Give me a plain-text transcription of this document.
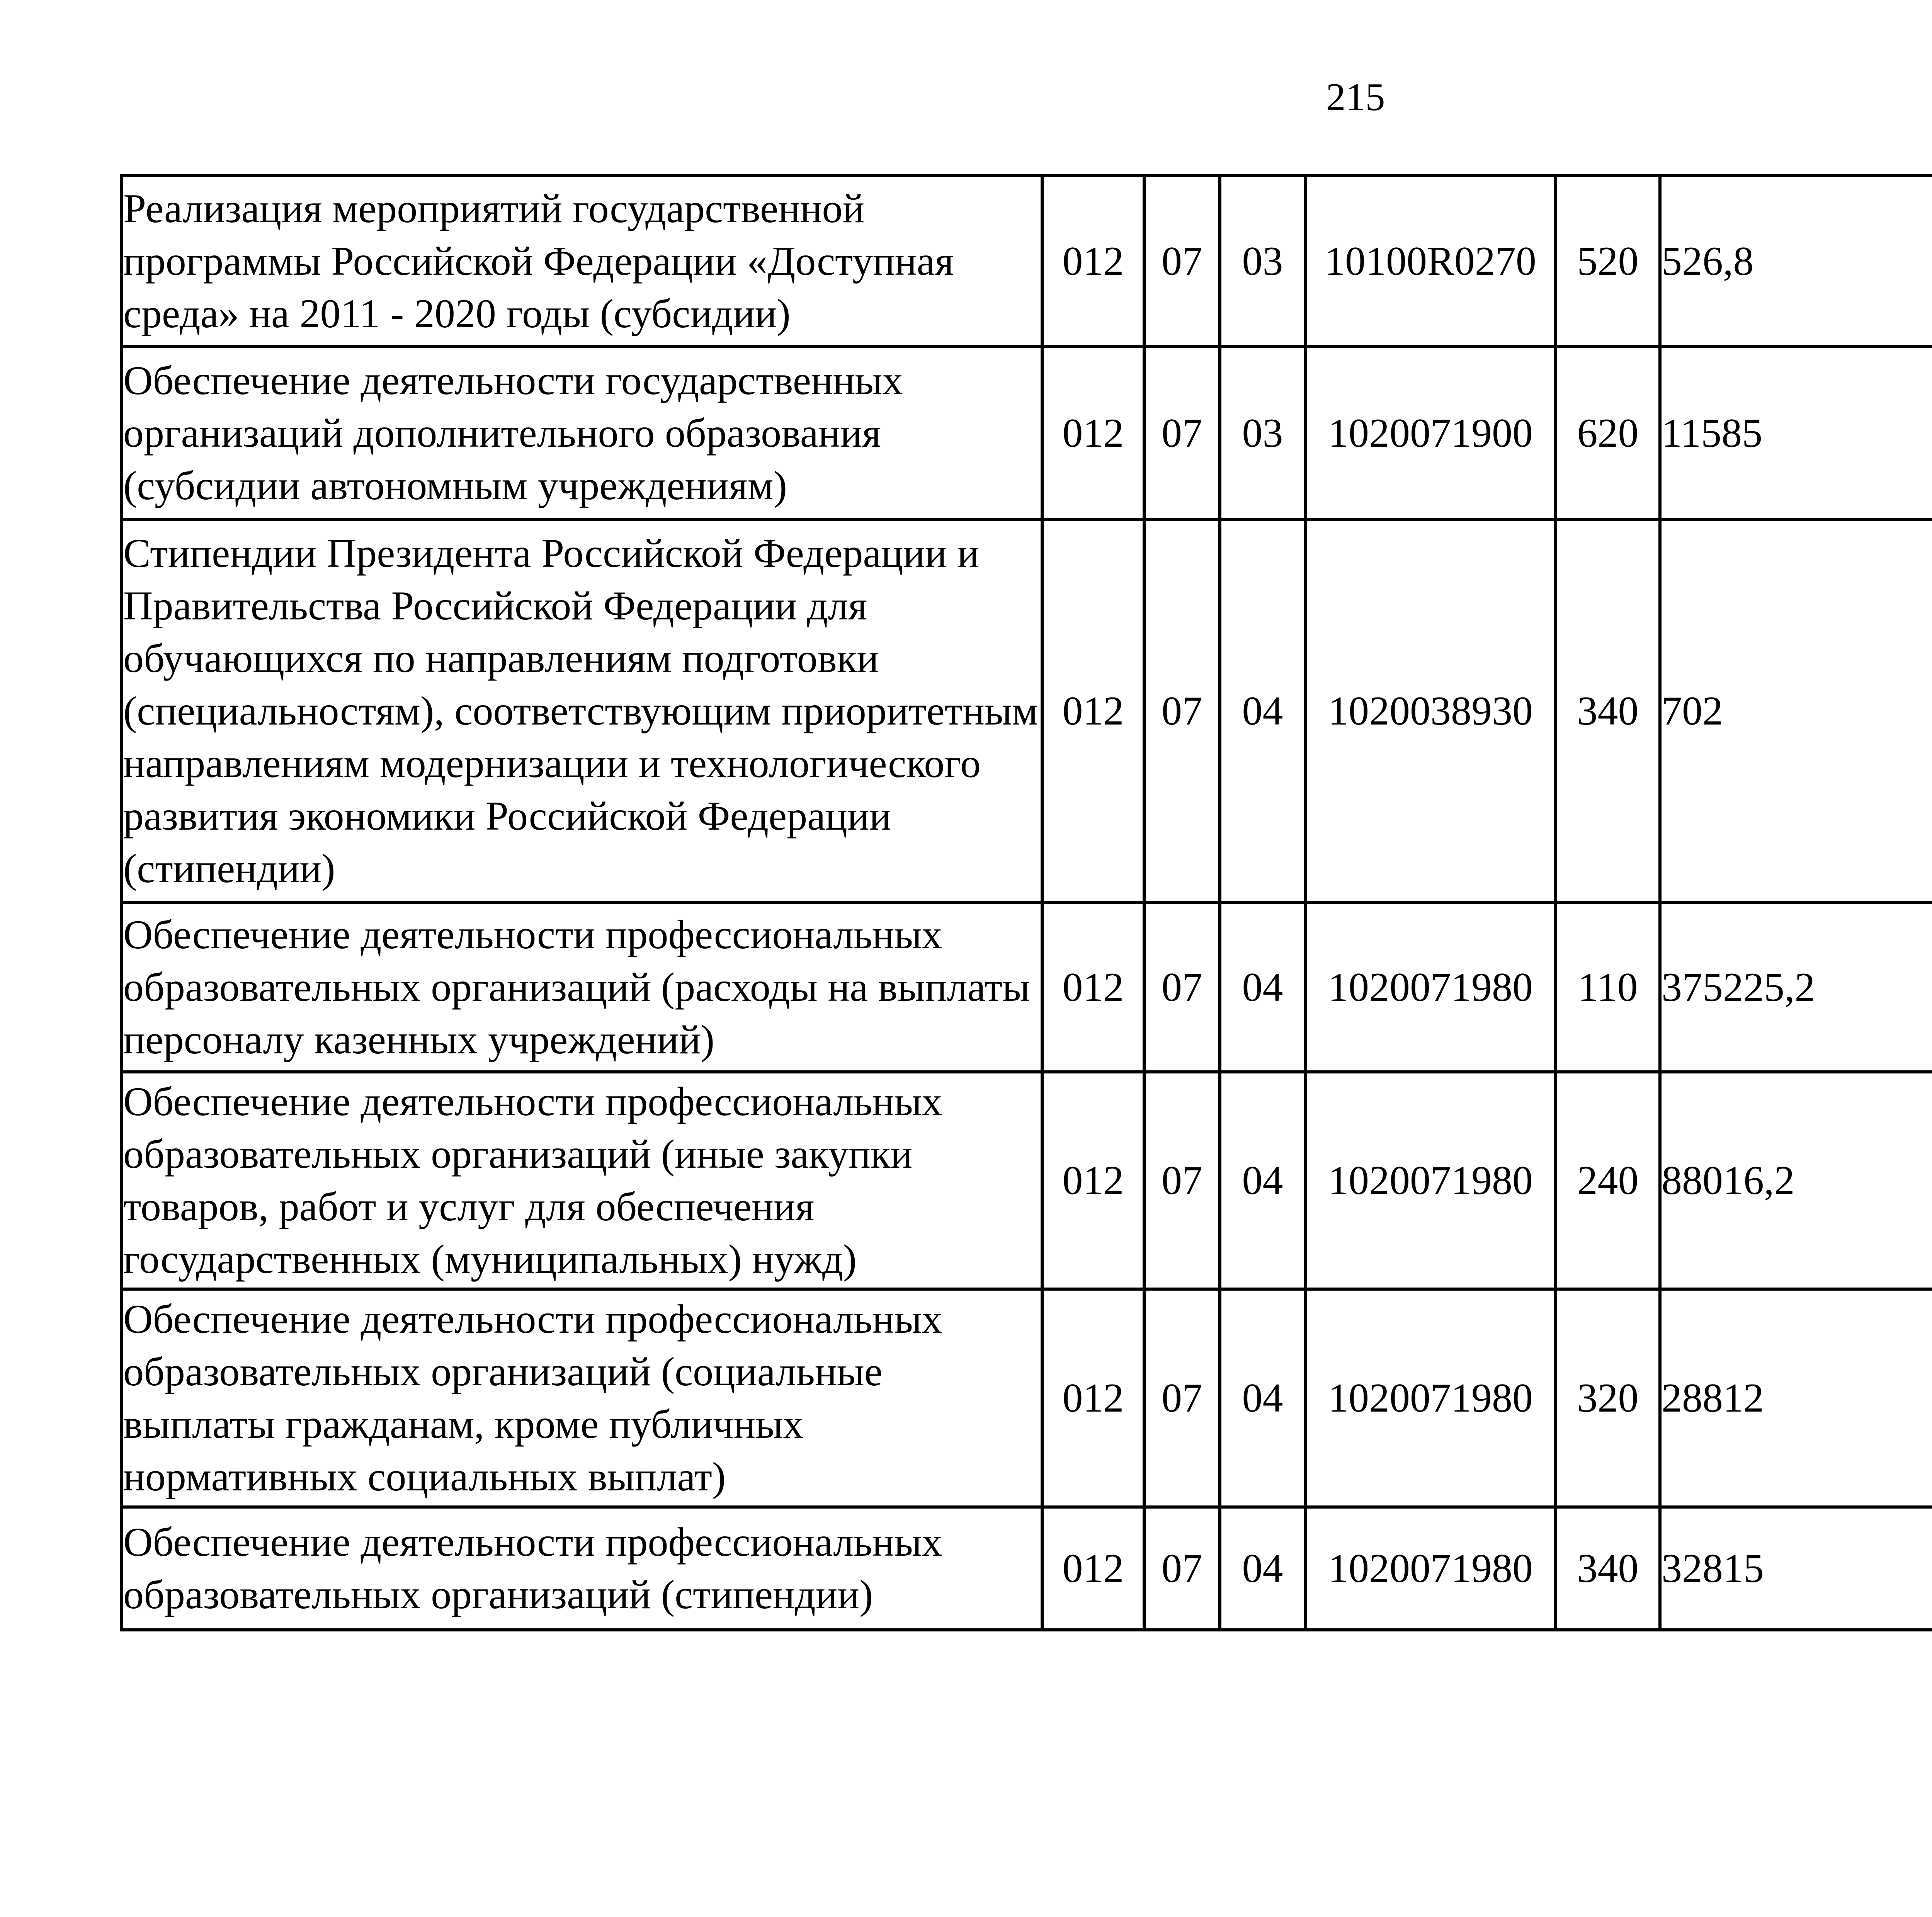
215
Реализация мероприятий государственной программы Российской Федерации «Доступная среда» на 2011 - 2020 годы (субсидии)	012	07	03	10100R0270	520	526,8		
Обеспечение деятельности государственных организаций дополнительного образования (субсидии автономным учреждениям)	012	07	03	1020071900	620	11585		
Стипендии Президента Российской Федерации и Правительства Российской Федерации для обучающихся по направлениям подготовки (специальностям), соответствующим приоритетным направлениям модернизации и технологического развития экономики Российской Федерации (стипендии)	012	07	04	1020038930	340	702		
Обеспечение деятельности профессиональных образовательных организаций (расходы на выплаты персоналу казенных учреждений)	012	07	04	1020071980	110	375225,2		
Обеспечение деятельности профессиональных образовательных организаций (иные закупки товаров, работ и услуг для обеспечения государственных (муниципальных) нужд)	012	07	04	1020071980	240	88016,2		
Обеспечение деятельности профессиональных образовательных организаций (социальные выплаты гражданам, кроме публичных нормативных социальных выплат)	012	07	04	1020071980	320	28812		
Обеспечение деятельности профессиональных образовательных организаций (стипендии)	012	07	04	1020071980	340	32815		
